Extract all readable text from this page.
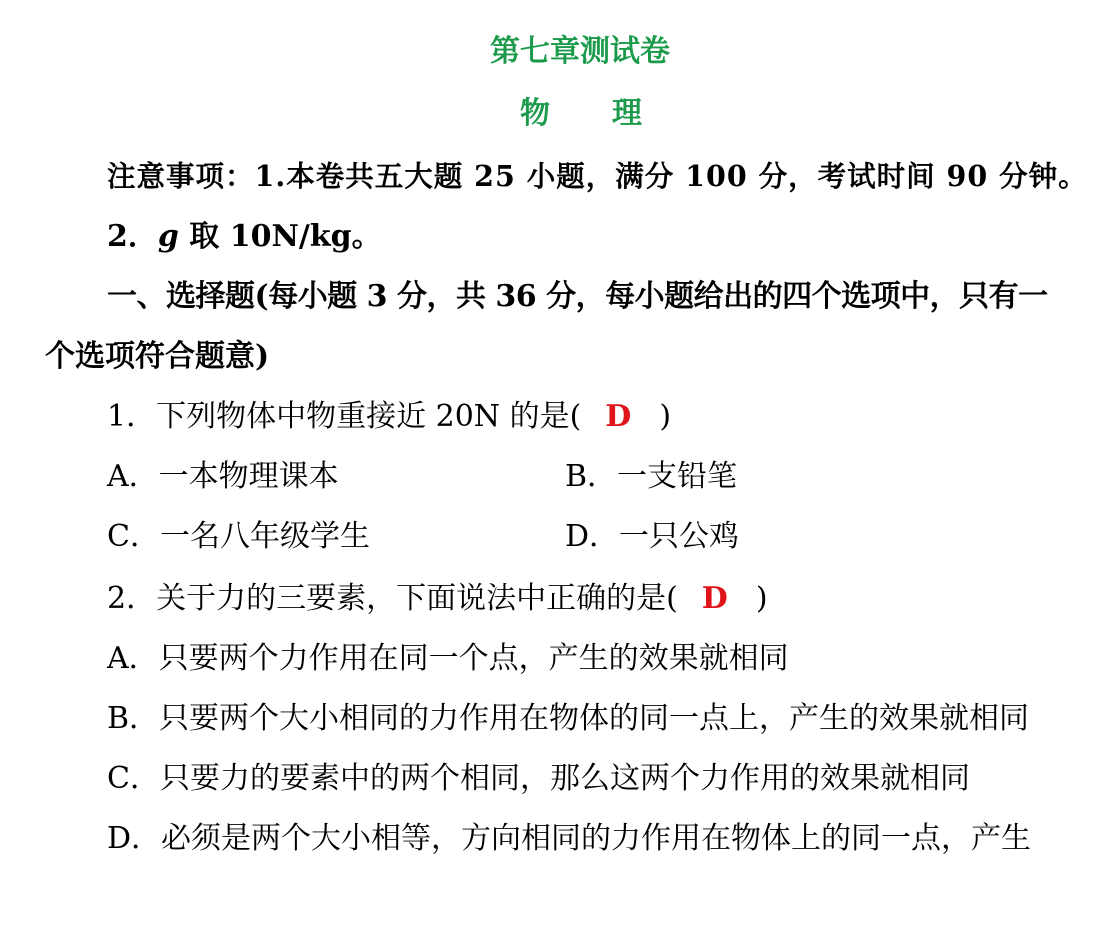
第七章测试卷
物 理
注意事项：1.本卷共五大题 25 小题，满分 100 分，考试时间 90 分钟。
2．g 取 10N/kg。
一、选择题(每小题 3 分，共 36 分，每小题给出的四个选项中，只有一
个选项符合题意)
1．下列物体中物重接近 20N 的是( D )
A．一本物理课本	B．一支铅笔
C．一名八年级学生	D．一只公鸡
2．关于力的三要素，下面说法中正确的是( D )
A．只要两个力作用在同一个点，产生的效果就相同
B．只要两个大小相同的力作用在物体的同一点上，产生的效果就相同
C．只要力的要素中的两个相同，那么这两个力作用的效果就相同
D．必须是两个大小相等，方向相同的力作用在物体上的同一点，产生
